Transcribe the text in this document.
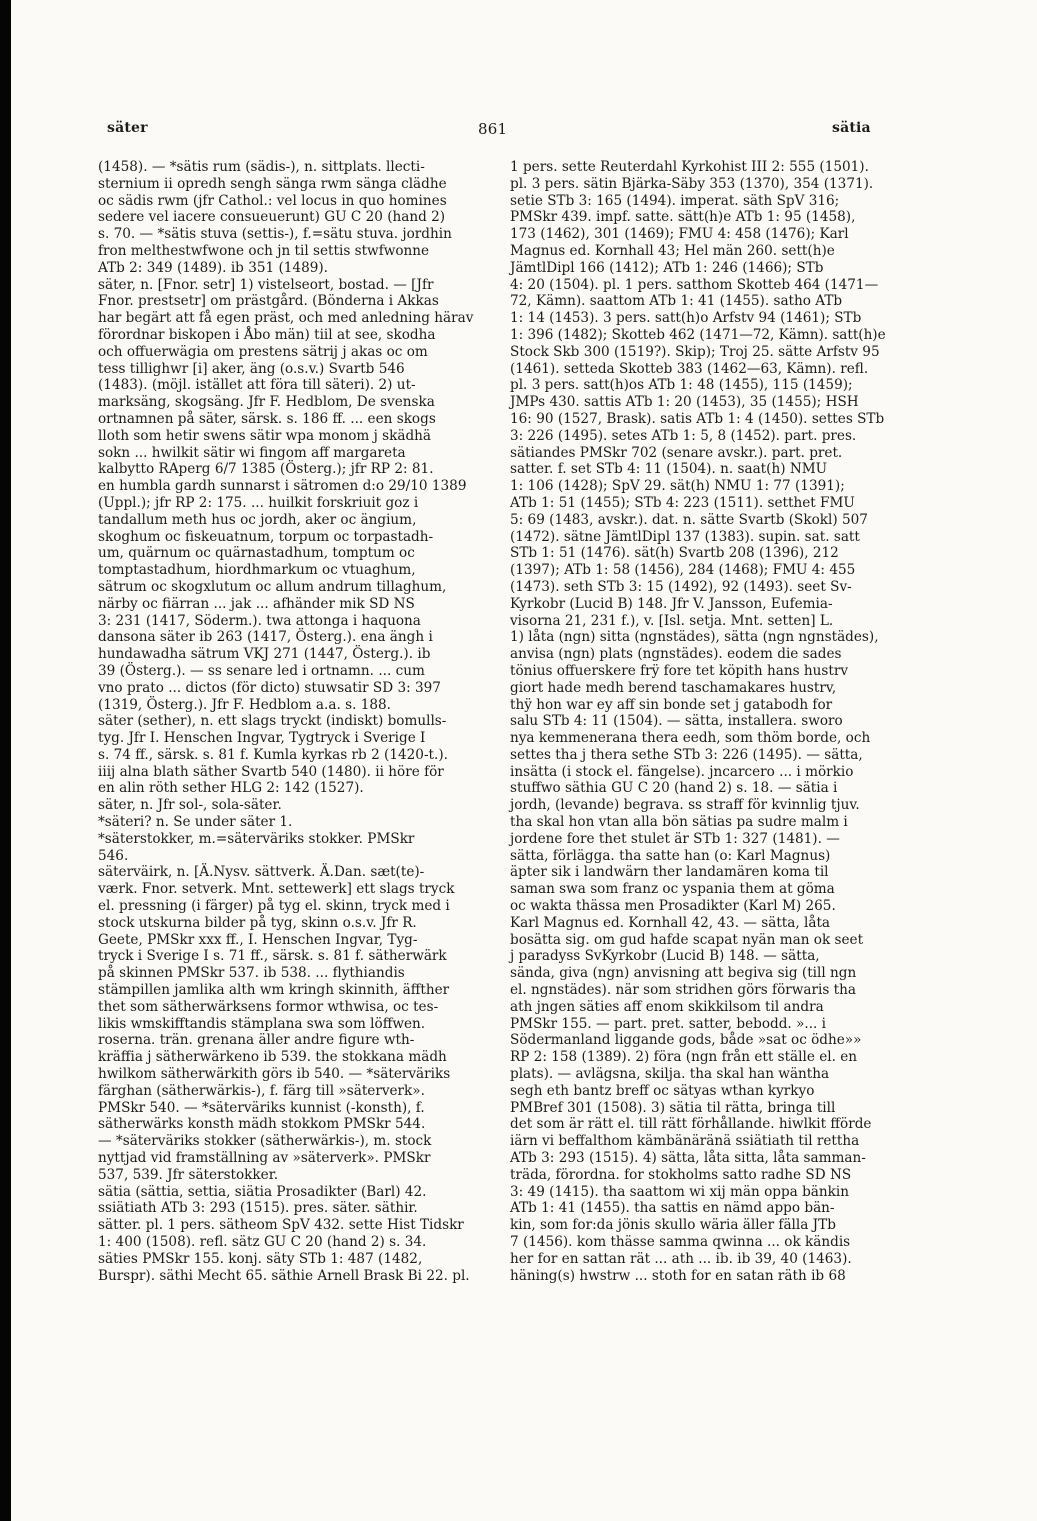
säter	861	sätia
(1458). — *sätis rum (sädis-), n. sittplats. llecti-
sternium ii opredh sengh sänga rwm sänga clädhe
oc sädis rwm (jfr Cathol.: vel locus in quo homines
sedere vel iacere consueuerunt) GU C 20 (hand 2)
s. 70. — *sätis stuva (settis-), f.=sätu stuva. jordhin
fron melthestwfwone och jn til settis stwfwonne
ATb 2: 349 (1489). ib 351 (1489).
säter, n. [Fnor. setr] 1) vistelseort, bostad. — [Jfr
Fnor. prestsetr] om prästgård. (Bönderna i Akkas
har begärt att få egen präst, och med anledning härav
förordnar biskopen i Åbo män) tiil at see, skodha
och offuerwägia om prestens sätrij j akas oc om
tess tillighwr [i] aker, äng (o.s.v.) Svartb 546
(1483). (möjl. istället att föra till säteri). 2) ut-
marksäng, skogsäng. Jfr F. Hedblom, De svenska
ortnamnen på säter, särsk. s. 186 ff. ... een skogs
lloth som hetir swens sätir wpa monom j skädhä
sokn ... hwilkit sätir wi fingom aff margareta
kalbytto RAperg 6/7 1385 (Österg.); jfr RP 2: 81.
en humbla gardh sunnarst i sätromen d:o 29/10 1389
(Uppl.); jfr RP 2: 175. ... huilkit forskriuit goz i
tandallum meth hus oc jordh, aker oc ängium,
skoghum oc fiskeuatnum, torpum oc torpastadh-
um, quärnum oc quärnastadhum, tomptum oc
tomptastadhum, hiordhmarkum oc vtuaghum,
sätrum oc skogxlutum oc allum andrum tillaghum,
närby oc fiärran ... jak ... afhänder mik SD NS
3: 231 (1417, Söderm.). twa attonga i haquona
dansona säter ib 263 (1417, Österg.). ena ängh i
hundawadha sätrum VKJ 271 (1447, Österg.). ib
39 (Österg.). — ss senare led i ortnamn. ... cum
vno prato ... dictos (för dicto) stuwsatir SD 3: 397
(1319, Österg.). Jfr F. Hedblom a.a. s. 188.
säter (sether), n. ett slags tryckt (indiskt) bomulls-
tyg. Jfr I. Henschen Ingvar, Tygtryck i Sverige I
s. 74 ff., särsk. s. 81 f. Kumla kyrkas rb 2 (1420-t.).
iiij alna blath säther Svartb 540 (1480). ii höre för
en alin röth sether HLG 2: 142 (1527).
säter, n. Jfr sol-, sola-säter.
*säteri? n. Se under säter 1.
*säterstokker, m.=säterväriks stokker. PMSkr
546.
säterväirk, n. [Ä.Nysv. sättverk. Ä.Dan. sæt(te)-
værk. Fnor. setverk. Mnt. settewerk] ett slags tryck
el. pressning (i färger) på tyg el. skinn, tryck med i
stock utskurna bilder på tyg, skinn o.s.v. Jfr R.
Geete, PMSkr xxx ff., I. Henschen Ingvar, Tyg-
tryck i Sverige I s. 71 ff., särsk. s. 81 f. sätherwärk
på skinnen PMSkr 537. ib 538. ... flythiandis
stämpillen jamlika alth wm kringh skinnith, äffther
thet som sätherwärksens formor wthwisa, oc tes-
likis wmskifftandis stämplana swa som löffwen.
roserna. trän. grenana äller andre figure wth-
kräffia j sätherwärkeno ib 539. the stokkana mädh
hwilkom sätherwärkith görs ib 540. — *säterväriks
färghan (sätherwärkis-), f. färg till »säterverk».
PMSkr 540. — *säterväriks kunnist (-konsth), f.
sätherwärks konsth mädh stokkom PMSkr 544.
— *säterväriks stokker (sätherwärkis-), m. stock
nyttjad vid framställning av »säterverk». PMSkr
537, 539. Jfr säterstokker.
sätia (sättia, settia, siätia Prosadikter (Barl) 42.
ssiätiath ATb 3: 293 (1515). pres. säter. säthir.
sätter. pl. 1 pers. sätheom SpV 432. sette Hist Tidskr
1: 400 (1508). refl. sätz GU C 20 (hand 2) s. 34.
säties PMSkr 155. konj. säty STb 1: 487 (1482,
Burspr). säthi Mecht 65. säthie Arnell Brask Bi 22. pl.
1 pers. sette Reuterdahl Kyrkohist III 2: 555 (1501).
pl. 3 pers. sätin Bjärka-Säby 353 (1370), 354 (1371).
setie STb 3: 165 (1494). imperat. säth SpV 316;
PMSkr 439. impf. satte. sätt(h)e ATb 1: 95 (1458),
173 (1462), 301 (1469); FMU 4: 458 (1476); Karl
Magnus ed. Kornhall 43; Hel män 260. sett(h)e
JämtlDipl 166 (1412); ATb 1: 246 (1466); STb
4: 20 (1504). pl. 1 pers. satthom Skotteb 464 (1471—
72, Kämn). saattom ATb 1: 41 (1455). satho ATb
1: 14 (1453). 3 pers. satt(h)o Arfstv 94 (1461); STb
1: 396 (1482); Skotteb 462 (1471—72, Kämn). satt(h)e
Stock Skb 300 (1519?). Skip); Troj 25. sätte Arfstv 95
(1461). setteda Skotteb 383 (1462—63, Kämn). refl.
pl. 3 pers. satt(h)os ATb 1: 48 (1455), 115 (1459);
JMPs 430. sattis ATb 1: 20 (1453), 35 (1455); HSH
16: 90 (1527, Brask). satis ATb 1: 4 (1450). settes STb
3: 226 (1495). setes ATb 1: 5, 8 (1452). part. pres.
sätiandes PMSkr 702 (senare avskr.). part. pret.
satter. f. set STb 4: 11 (1504). n. saat(h) NMU
1: 106 (1428); SpV 29. sät(h) NMU 1: 77 (1391);
ATb 1: 51 (1455); STb 4: 223 (1511). setthet FMU
5: 69 (1483, avskr.). dat. n. sätte Svartb (Skokl) 507
(1472). sätne JämtlDipl 137 (1383). supin. sat. satt
STb 1: 51 (1476). sät(h) Svartb 208 (1396), 212
(1397); ATb 1: 58 (1456), 284 (1468); FMU 4: 455
(1473). seth STb 3: 15 (1492), 92 (1493). seet Sv-
Kyrkobr (Lucid B) 148. Jfr V. Jansson, Eufemia-
visorna 21, 231 f.), v. [Isl. setja. Mnt. setten] L.
1) låta (ngn) sitta (ngnstädes), sätta (ngn ngnstädes),
anvisa (ngn) plats (ngnstädes). eodem die sades
tönius offuerskere frÿ fore tet köpith hans hustrv
giort hade medh berend taschamakares hustrv,
thÿ hon war ey aff sin bonde set j gatabodh for
salu STb 4: 11 (1504). — sätta, installera. sworo
nya kemmenerana thera eedh, som thöm borde, och
settes tha j thera sethe STb 3: 226 (1495). — sätta,
insätta (i stock el. fängelse). jncarcero ... i mörkio
stuffwo säthia GU C 20 (hand 2) s. 18. — sätia i
jordh, (levande) begrava. ss straff för kvinnlig tjuv.
tha skal hon vtan alla bön sätias pa sudre malm i
jordene fore thet stulet är STb 1: 327 (1481). —
sätta, förlägga. tha satte han (o: Karl Magnus)
äpter sik i landwärn ther landamären koma til
saman swa som franz oc yspania them at göma
oc wakta thässa men Prosadikter (Karl M) 265.
Karl Magnus ed. Kornhall 42, 43. — sätta, låta
bosätta sig. om gud hafde scapat nyän man ok seet
j paradyss SvKyrkobr (Lucid B) 148. — sätta,
sända, giva (ngn) anvisning att begiva sig (till ngn
el. ngnstädes). när som stridhen görs förwaris tha
ath jngen säties aff enom skikkilsom til andra
PMSkr 155. — part. pret. satter, bebodd. »... i
Södermanland liggande gods, både »sat oc ödhe»»
RP 2: 158 (1389). 2) föra (ngn från ett ställe el. en
plats). — avlägsna, skilja. tha skal han wäntha
segh eth bantz breff oc sätyas wthan kyrkyo
PMBref 301 (1508). 3) sätia til rätta, bringa till
det som är rätt el. till rätt förhållande. hiwlkit fförde
iärn vi beffalthom kämbänäränä ssiätiath til rettha
ATb 3: 293 (1515). 4) sätta, låta sitta, låta samman-
träda, förordna. for stokholms satto radhe SD NS
3: 49 (1415). tha saattom wi xij män oppa bänkin
ATb 1: 41 (1455). tha sattis en nämd appo bän-
kin, som for:da jönis skullo wäria äller fälla JTb
7 (1456). kom thässe samma qwinna ... ok kändis
her for en sattan rät ... ath ... ib. ib 39, 40 (1463).
häning(s) hwstrw ... stoth for en satan räth ib 68
